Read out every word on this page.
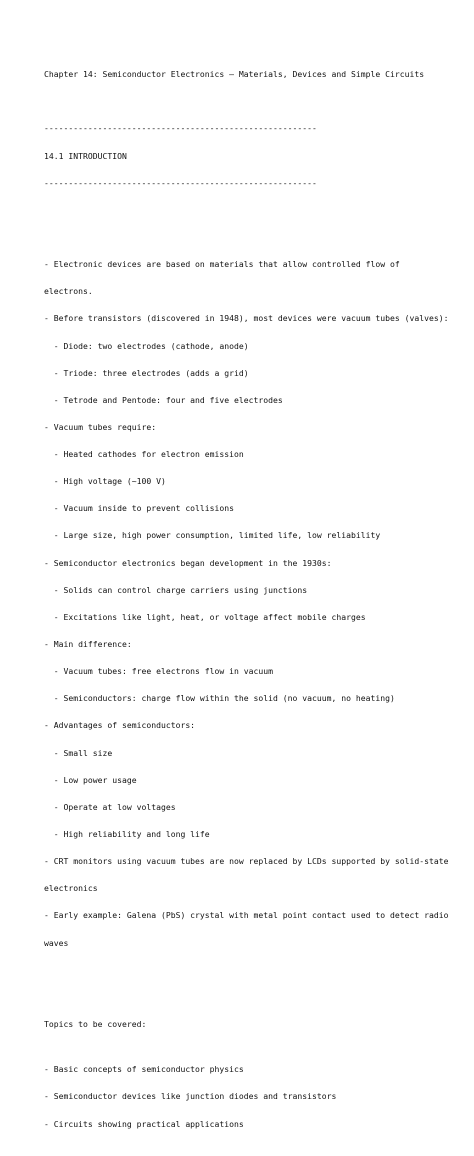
Chapter 14: Semiconductor Electronics – Materials, Devices and Simple Circuits

--------------------------------------------------------

14.1 INTRODUCTION

--------------------------------------------------------

- Electronic devices are based on materials that allow controlled flow of

electrons.

- Before transistors (discovered in 1948), most devices were vacuum tubes (valves):

- Diode: two electrodes (cathode, anode)

- Triode: three electrodes (adds a grid)

- Tetrode and Pentode: four and five electrodes

- Vacuum tubes require:

- Heated cathodes for electron emission

- High voltage (~100 V)

- Vacuum inside to prevent collisions

- Large size, high power consumption, limited life, low reliability

- Semiconductor electronics began development in the 1930s:

- Solids can control charge carriers using junctions

- Excitations like light, heat, or voltage affect mobile charges

- Main difference:

- Vacuum tubes: free electrons flow in vacuum

- Semiconductors: charge flow within the solid (no vacuum, no heating)

- Advantages of semiconductors:

- Small size

- Low power usage

- Operate at low voltages

- High reliability and long life

- CRT monitors using vacuum tubes are now replaced by LCDs supported by solid-state

electronics

- Early example: Galena (PbS) crystal with metal point contact used to detect radio

waves

Topics to be covered:

- Basic concepts of semiconductor physics

- Semiconductor devices like junction diodes and transistors

- Circuits showing practical applications
